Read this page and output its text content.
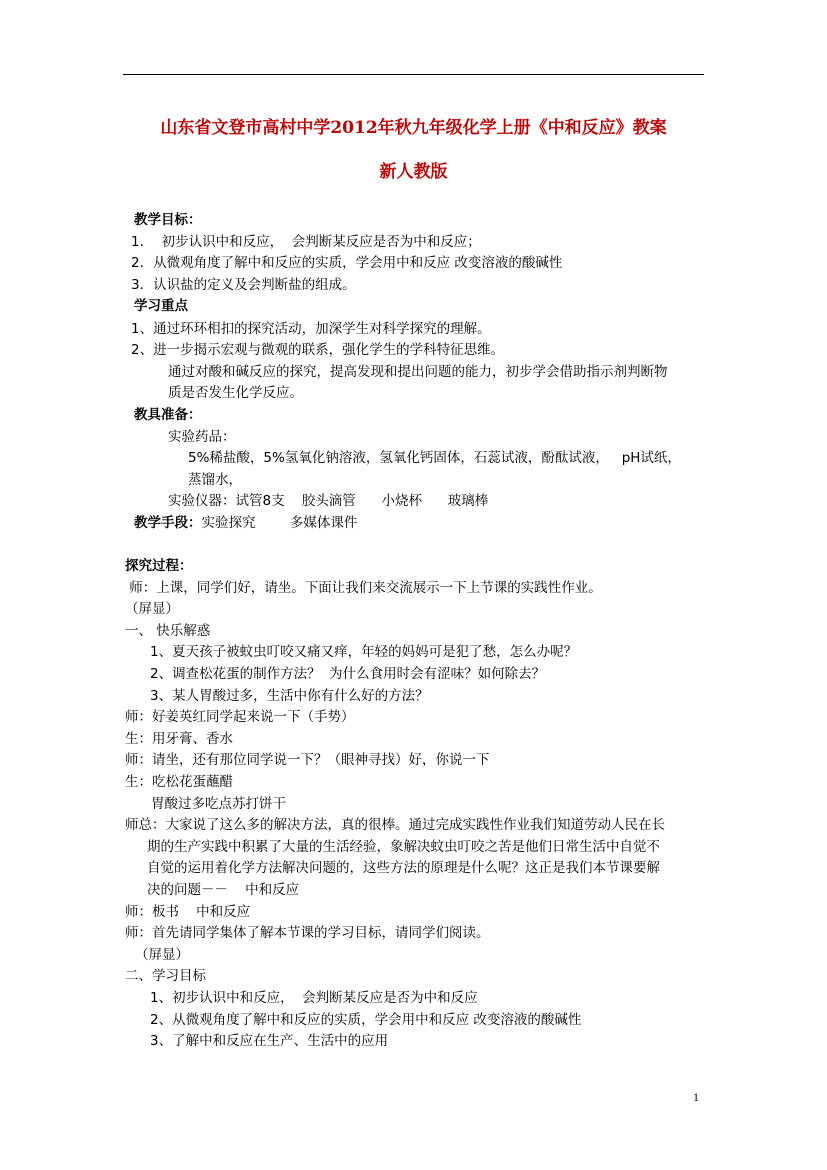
山东省文登市高村中学2012年秋九年级化学上册《中和反应》教案
新人教版
教学目标：
1．  初步认识中和反应，  会判断某反应是否为中和反应；
2．从微观角度了解中和反应的实质，学会用中和反应 改变溶液的酸碱性
3．认识盐的定义及会判断盐的组成。
学习重点
1、通过环环相扣的探究活动，加深学生对科学探究的理解。
2、进一步揭示宏观与微观的联系，强化学生的学科特征思维。
通过对酸和碱反应的探究，提高发现和提出问题的能力，初步学会借助指示剂判断物
质是否发生化学反应。
教具准备：
实验药品：
5%稀盐酸，5%氢氧化钠溶液，氢氧化钙固体，石蕊试液，酚酞试液，   pH试纸，
蒸馏水，
实验仪器：试管8支    胶头滴管      小烧杯      玻璃棒
教学手段：实验探究        多媒体课件
探究过程：
师：上课，同学们好，请坐。下面让我们来交流展示一下上节课的实践性作业。
（屏显）
一、 快乐解惑
1、夏天孩子被蚊虫叮咬又痛又痒，年轻的妈妈可是犯了愁，怎么办呢？
2、调查松花蛋的制作方法？  为什么食用时会有涩味？如何除去？
3、某人胃酸过多，生活中你有什么好的方法？
师：好姜英红同学起来说一下（手势）
生：用牙膏、香水
师：请坐，还有那位同学说一下？（眼神寻找）好，你说一下
生：吃松花蛋蘸醋
胃酸过多吃点苏打饼干
师总：大家说了这么多的解决方法，真的很棒。通过完成实践性作业我们知道劳动人民在长
期的生产实践中积累了大量的生活经验，象解决蚊虫叮咬之苦是他们日常生活中自觉不
自觉的运用着化学方法解决问题的，这些方法的原理是什么呢？这正是我们本节课要解
决的问题－－    中和反应
师：板书    中和反应
师：首先请同学集体了解本节课的学习目标，请同学们阅读。
（屏显）
二、学习目标
1、初步认识中和反应，  会判断某反应是否为中和反应
2、从微观角度了解中和反应的实质，学会用中和反应 改变溶液的酸碱性
3、了解中和反应在生产、生活中的应用
1
